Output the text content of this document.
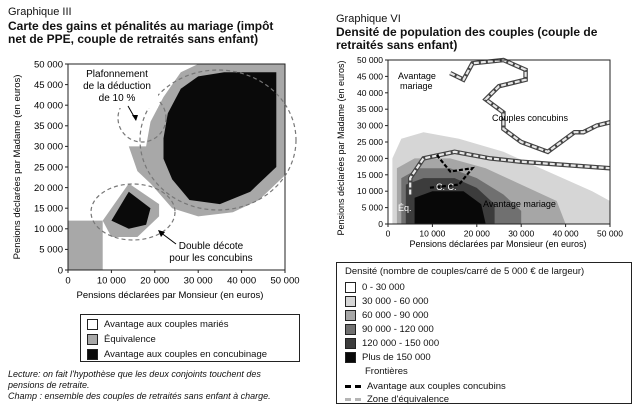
Graphique III
Carte des gains et pénalités au mariage (impôt
net de PPE, couple de retraités sans enfant)
0	10 000 20 000 30 000 40 000 50 000
0
5 000
10 000
15 000
20 000
25 000
30 000
35 000
40 000
45 000
50 000
Plafonnement
de la déduction
de 10 %
Double décote
pour les concubins
Pensions déclarées par Monsieur (en euros)
Pensions déclarées par Madame (en euros)
Avantage aux couples mariés
Équivalence
Avantage aux couples en concubinage
Lecture: on fait l'hypothèse que les deux conjoints touchent des
pensions de retraite.
Champ : ensemble des couples de retraités sans enfant à charge.
Graphique VI
Densité de population des couples (couple de
retraités sans enfant)
0	10 000 20 000 30 000 40 000 50 000
0
5 000
10 000
15 000
20 000
25 000
30 000
35 000
40 000
45 000
50 000
Avantage
mariage
Couples concubins
C. C.
Éq.	Avantage mariage
Pensions déclarées par Monsieur (en euros)
Pensions déclarées par Madame (en euros)
Densité (nombre de couples/carré de 5 000 € de largeur)
0 - 30 000
30 000 - 60 000
60 000 - 90 000
90 000 - 120 000
120 000 - 150 000
Plus de 150 000
Frontières
Avantage aux couples concubins
Zone d'équivalence
